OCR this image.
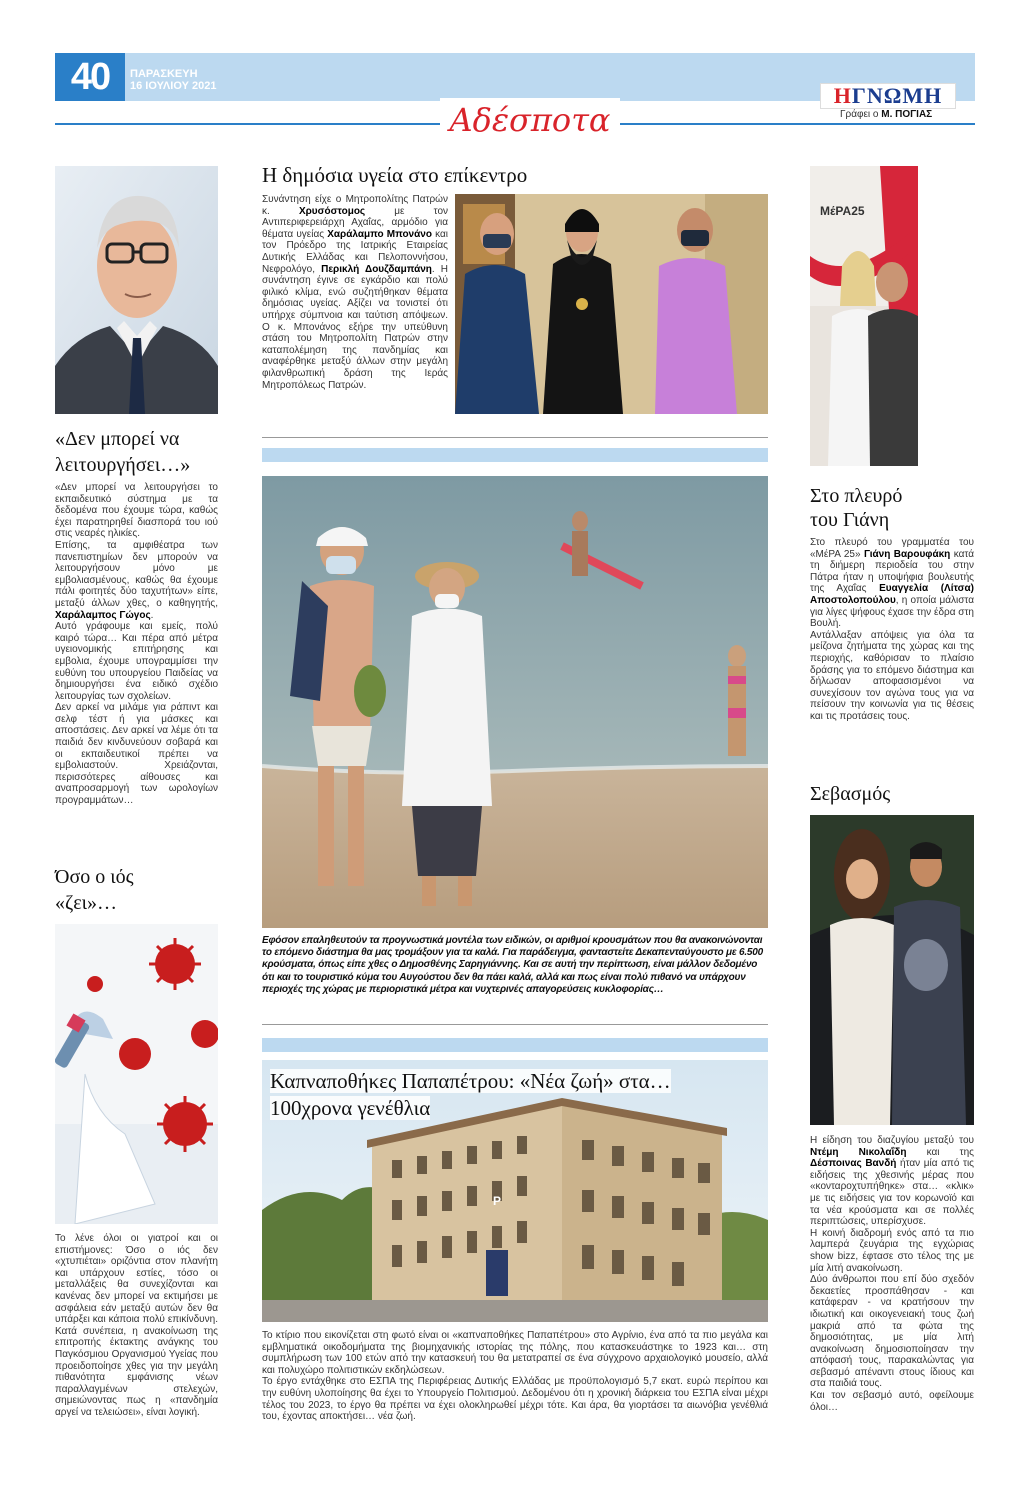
40	ΠΑΡΑΣΚΕΥΗ
16 ΙΟΥΛΙΟΥ 2021
Αδέσποτα
ΗΓΝΩΜΗ
Γράφει ο Μ. ΠΟΓΙΑΣ
«Δεν μπορεί να λειτουργήσει…»
«Δεν μπορεί να λειτουργήσει το εκπαιδευτικό σύστημα με τα δεδομένα που έχουμε τώρα, καθώς έχει παρατηρηθεί διασπορά του ιού στις νεαρές ηλικίες.
Επίσης, τα αμφιθέατρα των πανεπιστημίων δεν μπορούν να λειτουργήσουν μόνο με εμβολιασμένους, καθώς θα έχουμε πάλι φοιτητές δύο ταχυτήτων» είπε, μεταξύ άλλων χθες, ο καθηγητής, Χαράλαμπος Γώγος.
Αυτό γράφουμε και εμείς, πολύ καιρό τώρα… Και πέρα από μέτρα υγειονομικής επιτήρησης και εμβολια, έχουμε υπογραμμίσει την ευθύνη του υπουργείου Παιδείας να δημιουργήσει ένα ειδικό σχέδιο λειτουργίας των σχολείων.
Δεν αρκεί να μιλάμε για ράπιντ και σελφ τέστ ή για μάσκες και αποστάσεις. Δεν αρκεί να λέμε ότι τα παιδιά δεν κινδυνεύουν σοβαρά και οι εκπαιδευτικοί πρέπει να εμβολιαστούν. Χρειάζονται, περισσότερες αίθουσες και αναπροσαρμογή των ωρολογίων προγραμμάτων…
Όσο ο ιός «ζει»…
Το λένε όλοι οι γιατροί και οι επιστήμονες: Όσο ο ιός δεν «χτυπιέται» οριζόντια στον πλανήτη και υπάρχουν εστίες, τόσο οι μεταλλάξεις θα συνεχίζονται και κανένας δεν μπορεί να εκτιμήσει με ασφάλεια εάν μεταξύ αυτών δεν θα υπάρξει και κάποια πολύ επικίνδυνη. Κατά συνέπεια, η ανακοίνωση της επιτροπής έκτακτης ανάγκης του Παγκόσμιου Οργανισμού Υγείας που προειδοποίησε χθες για την μεγάλη πιθανότητα εμφάνισης νέων παραλλαγμένων στελεχών, σημειώνοντας πως η «πανδημία αργεί να τελειώσει», είναι λογική.
Η δημόσια υγεία στο επίκεντρο
Συνάντηση είχε ο Μητροπολίτης Πατρών κ.	Χρυσόστομος	με τον Αντιπεριφερειάρχη Αχαΐας, αρμόδιο για θέματα υγείας Χαράλαμπο Μπονάνο και τον Πρόεδρο της Ιατρικής Εταιρείας Δυτικής Ελλάδας και Πελοποννήσου, Νεφρολόγο, Περικλή Δουζδαμπάνη. Η συνάντηση έγινε σε εγκάρδιο και πολύ φιλικό κλίμα, ενώ συζητήθηκαν θέματα δημόσιας υγείας. Αξίζει να τονιστεί ότι υπήρχε σύμπνοια και ταύτιση απόψεων. Ο κ. Μπονάνος εξήρε την υπεύθυνη στάση του Μητροπολίτη Πατρών στην καταπολέμηση της πανδημίας και αναφέρθηκε μεταξύ άλλων στην μεγάλη φιλανθρωπική δράση της Ιεράς Μητροπόλεως Πατρών.
Εφόσον επαληθευτούν τα προγνωστικά μοντέλα των ειδικών, οι αριθμοί κρουσμάτων που θα ανακοινώνονται το επόμενο διάστημα θα μας τρομάξουν για τα καλά. Για παράδειγμα, φανταστείτε Δεκαπενταύγουστο με 6.500 κρούσματα, όπως είπε χθες ο Δημοσθένης Σαρηγιάννης. Και σε αυτή την περίπτωση, είναι μάλλον δεδομένο ότι και το τουριστικό κύμα του Αυγούστου δεν θα πάει καλά, αλλά και πως είναι πολύ πιθανό να υπάρχουν περιοχές της χώρας με περιοριστικά μέτρα και νυχτερινές απαγορεύσεις κυκλοφορίας…
P
Καπναποθήκες Παπαπέτρου: «Νέα ζωή» στα…
100χρονα γενέθλια
Το κτίριο που εικονίζεται στη φωτό είναι οι «καπναποθήκες Παπαπέτρου» στο Αγρίνιο, ένα από τα πιο μεγάλα και εμβληματικά οικοδομήματα της βιομηχανικής ιστορίας της πόλης, που κατασκευάστηκε το 1923 και… στη συμπλήρωση των 100 ετών από την κατασκευή του θα μετατραπεί σε ένα σύγχρονο αρχαιολογικό μουσείο, αλλά και πολυχώρο πολιτιστικών εκδηλώσεων.
Το έργο εντάχθηκε στο ΕΣΠΑ της Περιφέρειας Δυτικής Ελλάδας με προϋπολογισμό 5,7 εκατ. ευρώ περίπου και την ευθύνη υλοποίησης θα έχει το Υπουργείο Πολιτισμού. Δεδομένου ότι η χρονική διάρκεια του ΕΣΠΑ είναι μέχρι τέλος του 2023, το έργο θα πρέπει να έχει ολοκληρωθεί μέχρι τότε. Και άρα, θα γιορτάσει τα αιωνόβια γενέθλιά του, έχοντας αποκτήσει… νέα ζωή.
ΜέΡΑ25
Στο πλευρό
του Γιάνη
Στο πλευρό του γραμματέα του «ΜέΡΑ 25» Γιάνη Βαρουφάκη κατά τη διήμερη περιοδεία του στην Πάτρα ήταν η υποψήφια βουλευτής της Αχαΐας Ευαγγελία (Λίτσα) Αποστολοπούλου, η οποία μάλιστα για λίγες ψήφους έχασε την έδρα στη Βουλή.
Αντάλλαξαν απόψεις για όλα τα μείζονα ζητήματα της χώρας και της περιοχής, καθόρισαν το πλαίσιο δράσης για το επόμενο διάστημα και δήλωσαν αποφασισμένοι να συνεχίσουν τον αγώνα τους για να πείσουν την κοινωνία για τις θέσεις και τις προτάσεις τους.
Σεβασμός
Η είδηση του διαζυγίου μεταξύ του Ντέμη Νικολαΐδη και της Δέσποινας Βανδή ήταν μία από τις ειδήσεις της χθεσινής μέρας που «κονταροχτυπήθηκε» στα… «κλικ» με τις ειδήσεις για τον κορωνοϊό και τα νέα κρούσματα και σε πολλές περιπτώσεις, υπερίσχυσε.
Η κοινή διαδρομή ενός από τα πιο λαμπερά ζευγάρια της εγχώριας show bizz, έφτασε στο τέλος της με μία λιτή ανακοίνωση.
Δύο άνθρωποι που επί δύο σχεδόν δεκαετίες προσπάθησαν - και κατάφεραν - να κρατήσουν την ιδιωτική και οικογενειακή τους ζωή μακριά από τα φώτα της δημοσιότητας, με μία λιτή ανακοίνωση δημοσιοποίησαν την απόφασή τους, παρακαλώντας για σεβασμό απέναντι στους ίδιους και στα παιδιά τους.
Και τον σεβασμό αυτό, οφείλουμε όλοι…
